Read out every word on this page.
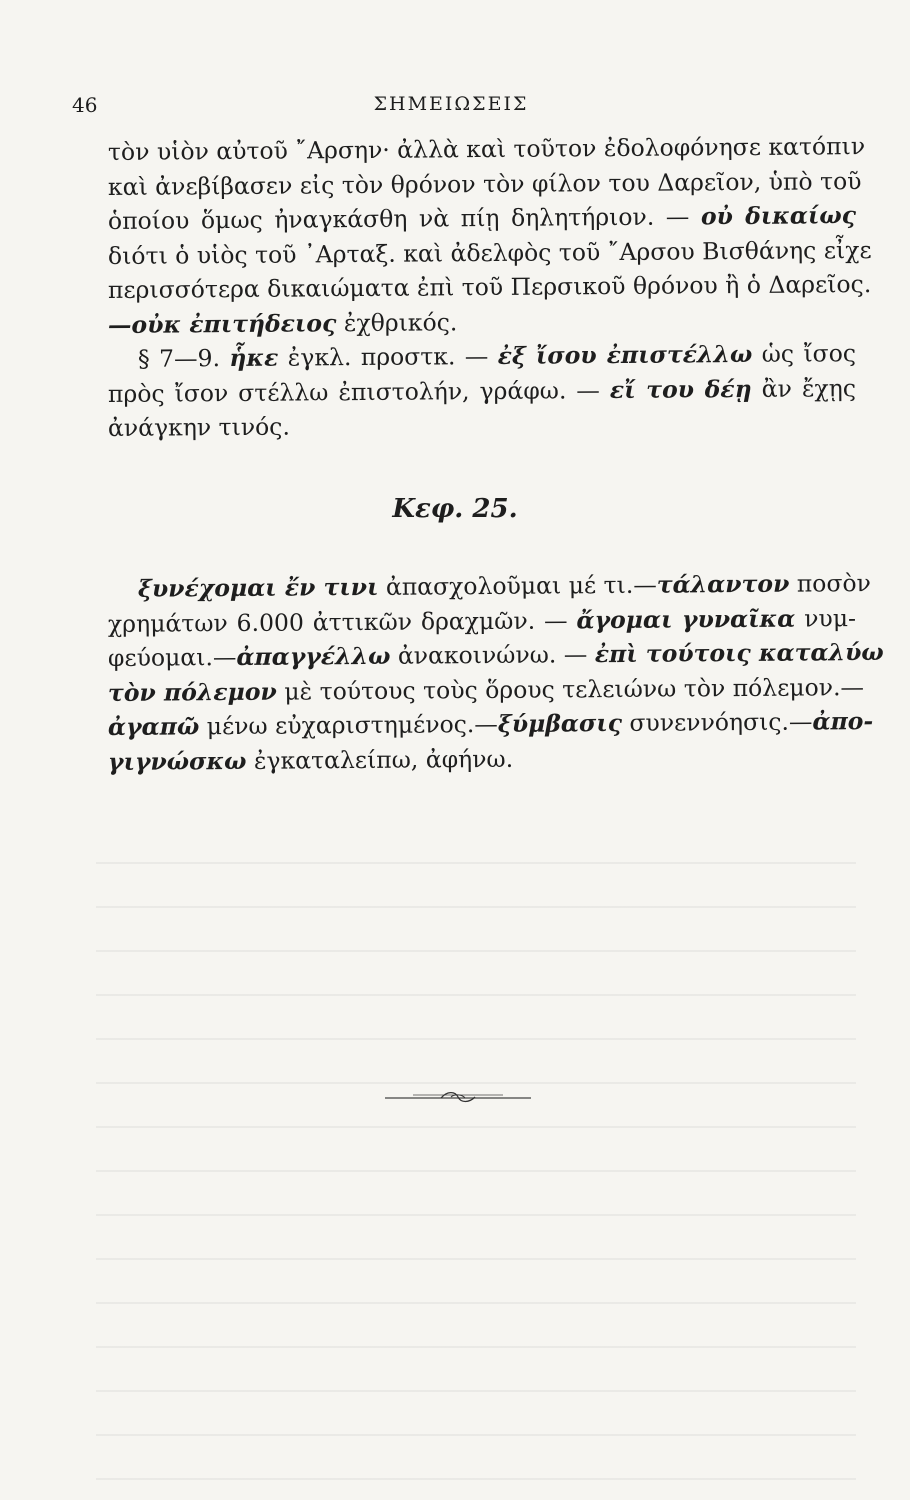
46	ΣΗΜΕΙΩΣΕΙΣ
τὸν υἱὸν αὐτοῦ ῎Αρσην· ἀλλὰ καὶ τοῦτον ἐδολοφόνησε κατόπιν
καὶ ἀνεβίβασεν εἰς τὸν θρόνον τὸν φίλον του Δαρεῖον, ὑπὸ τοῦ
ὁποίου ὅμως ἠναγκάσθη νὰ πίῃ δηλητήριον. — οὐ δικαίως
διότι ὁ υἱὸς τοῦ ᾿Αρταξ. καὶ ἀδελφὸς τοῦ ῎Αρσου Βισθάνης εἶχε
περισσότερα δικαιώματα ἐπὶ τοῦ Περσικοῦ θρόνου ἢ ὁ Δαρεῖος.
—οὐκ ἐπιτήδειος ἐχθρικός.
§ 7—9. ἧκε ἐγκλ. προστκ. — ἐξ ἴσου ἐπιστέλλω ὡς ἴσος
πρὸς ἴσον στέλλω ἐπιστολήν, γράφω. — εἴ του δέῃ ἂν ἔχῃς
ἀνάγκην τινός.
Κεφ. 25.
ξυνέχομαι ἔν τινι ἀπασχολοῦμαι μέ τι.—τάλαντον ποσὸν
χρημάτων 6.000 ἀττικῶν δραχμῶν. — ἄγομαι γυναῖκα νυμ-
φεύομαι.—ἀπαγγέλλω ἀνακοινώνω. — ἐπὶ τούτοις καταλύω
τὸν πόλεμον μὲ τούτους τοὺς ὅρους τελειώνω τὸν πόλεμον.—
ἀγαπῶ μένω εὐχαριστημένος.—ξύμβασις συνεννόησις.—ἀπο-
γιγνώσκω ἐγκαταλείπω, ἀφήνω.
